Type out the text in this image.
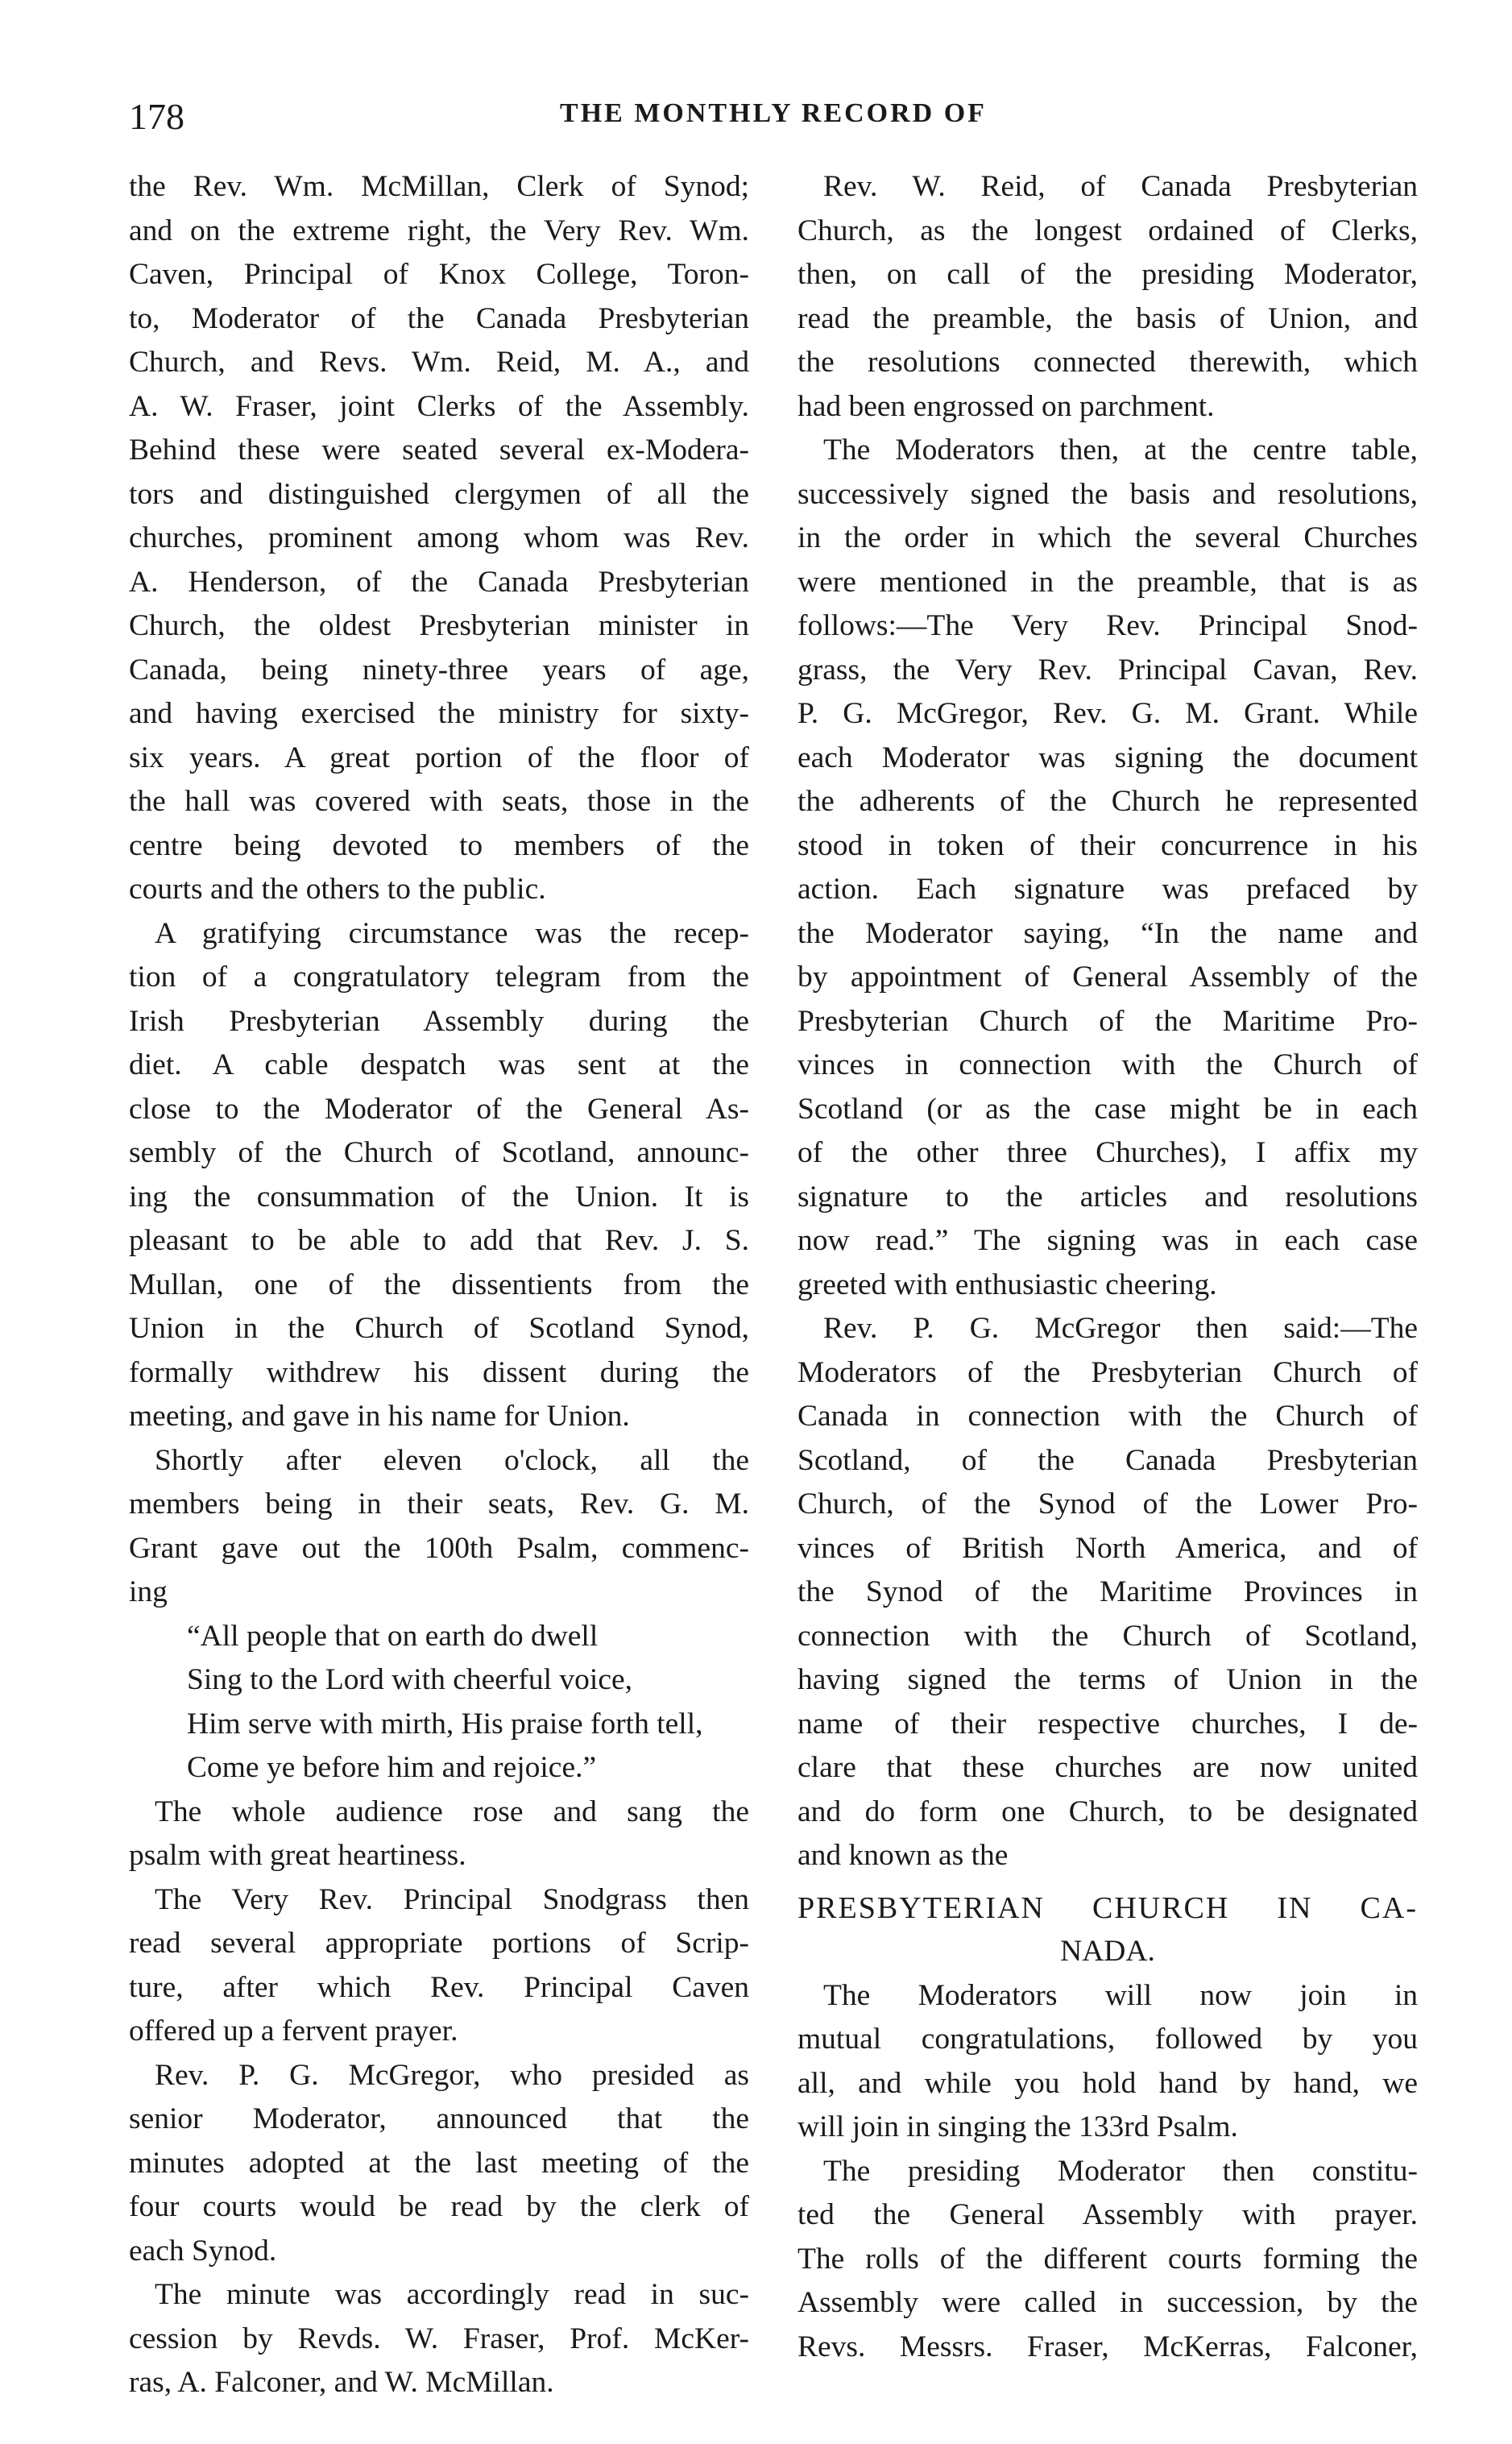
178	THE MONTHLY RECORD OF
the Rev. Wm. McMillan, Clerk of Synod;
and on the extreme right, the Very Rev. Wm.
Caven, Principal of Knox College, Toron-
to, Moderator of the Canada Presbyterian
Church, and Revs. Wm. Reid, M. A., and
A. W. Fraser, joint Clerks of the Assembly.
Behind these were seated several ex-Modera-
tors and distinguished clergymen of all the
churches, prominent among whom was Rev.
A. Henderson, of the Canada Presbyterian
Church, the oldest Presbyterian minister in
Canada, being ninety-three years of age,
and having exercised the ministry for sixty-
six years. A great portion of the floor of
the hall was covered with seats, those in the
centre being devoted to members of the
courts and the others to the public.
A gratifying circumstance was the recep-
tion of a congratulatory telegram from the
Irish Presbyterian Assembly during the
diet. A cable despatch was sent at the
close to the Moderator of the General As-
sembly of the Church of Scotland, announc-
ing the consummation of the Union. It is
pleasant to be able to add that Rev. J. S.
Mullan, one of the dissentients from the
Union in the Church of Scotland Synod,
formally withdrew his dissent during the
meeting, and gave in his name for Union.
Shortly after eleven o'clock, all the
members being in their seats, Rev. G. M.
Grant gave out the 100th Psalm, commenc-
ing
“All people that on earth do dwell
Sing to the Lord with cheerful voice,
Him serve with mirth, His praise forth tell,
Come ye before him and rejoice.”
The whole audience rose and sang the
psalm with great heartiness.
The Very Rev. Principal Snodgrass then
read several appropriate portions of Scrip-
ture, after which Rev. Principal Caven
offered up a fervent prayer.
Rev. P. G. McGregor, who presided as
senior Moderator, announced that the
minutes adopted at the last meeting of the
four courts would be read by the clerk of
each Synod.
The minute was accordingly read in suc-
cession by Revds. W. Fraser, Prof. McKer-
ras, A. Falconer, and W. McMillan.
Rev. W. Reid, of Canada Presbyterian
Church, as the longest ordained of Clerks,
then, on call of the presiding Moderator,
read the preamble, the basis of Union, and
the resolutions connected therewith, which
had been engrossed on parchment.
The Moderators then, at the centre table,
successively signed the basis and resolutions,
in the order in which the several Churches
were mentioned in the preamble, that is as
follows:—The Very Rev. Principal Snod-
grass, the Very Rev. Principal Cavan, Rev.
P. G. McGregor, Rev. G. M. Grant. While
each Moderator was signing the document
the adherents of the Church he represented
stood in token of their concurrence in his
action. Each signature was prefaced by
the Moderator saying, “In the name and
by appointment of General Assembly of the
Presbyterian Church of the Maritime Pro-
vinces in connection with the Church of
Scotland (or as the case might be in each
of the other three Churches), I affix my
signature to the articles and resolutions
now read.” The signing was in each case
greeted with enthusiastic cheering.
Rev. P. G. McGregor then said:—The
Moderators of the Presbyterian Church of
Canada in connection with the Church of
Scotland, of the Canada Presbyterian
Church, of the Synod of the Lower Pro-
vinces of British North America, and of
the Synod of the Maritime Provinces in
connection with the Church of Scotland,
having signed the terms of Union in the
name of their respective churches, I de-
clare that these churches are now united
and do form one Church, to be designated
and known as the
PRESBYTERIAN CHURCH IN CA-
NADA.
The Moderators will now join in
mutual congratulations, followed by you
all, and while you hold hand by hand, we
will join in singing the 133rd Psalm.
The presiding Moderator then constitu-
ted the General Assembly with prayer.
The rolls of the different courts forming the
Assembly were called in succession, by the
Revs. Messrs. Fraser, McKerras, Falconer,
